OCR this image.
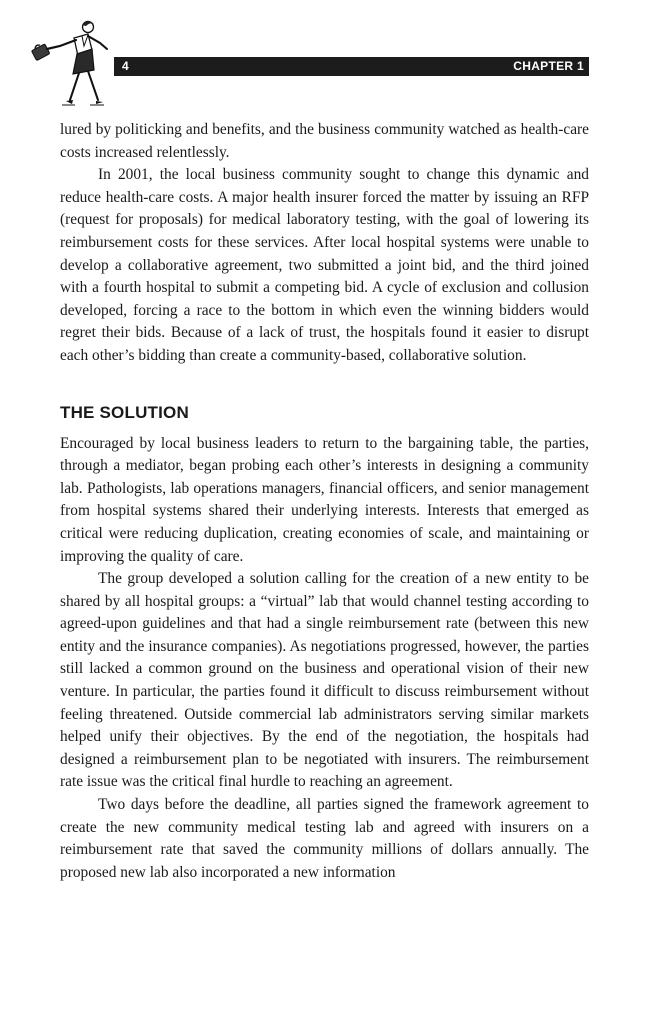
4	CHAPTER 1

lured by politicking and benefits, and the business community watched as health-care costs increased relentlessly.

In 2001, the local business community sought to change this dynamic and reduce health-care costs. A major health insurer forced the matter by issuing an RFP (request for proposals) for medical laboratory testing, with the goal of lowering its reimbursement costs for these services. After local hospital systems were unable to develop a collaborative agreement, two submitted a joint bid, and the third joined with a fourth hospital to submit a competing bid. A cycle of exclusion and collusion developed, forcing a race to the bottom in which even the winning bidders would regret their bids. Because of a lack of trust, the hospitals found it easier to disrupt each other’s bidding than create a community-based, collaborative solution.

THE SOLUTION

Encouraged by local business leaders to return to the bargaining table, the parties, through a mediator, began probing each other’s interests in designing a community lab. Pathologists, lab operations managers, financial officers, and senior management from hospital systems shared their underlying interests. Interests that emerged as critical were reducing duplication, creating economies of scale, and maintaining or improving the quality of care.

The group developed a solution calling for the creation of a new entity to be shared by all hospital groups: a “virtual” lab that would channel testing according to agreed-upon guidelines and that had a single reimbursement rate (between this new entity and the insurance companies). As negotiations progressed, however, the parties still lacked a common ground on the business and operational vision of their new venture. In particular, the parties found it difficult to discuss reimbursement without feeling threatened. Outside commercial lab administrators serving similar markets helped unify their objectives. By the end of the negotiation, the hospitals had designed a reimbursement plan to be negotiated with insurers. The reimbursement rate issue was the critical final hurdle to reaching an agreement.

Two days before the deadline, all parties signed the framework agreement to create the new community medical testing lab and agreed with insurers on a reimbursement rate that saved the community millions of dollars annually. The proposed new lab also incorporated a new information
